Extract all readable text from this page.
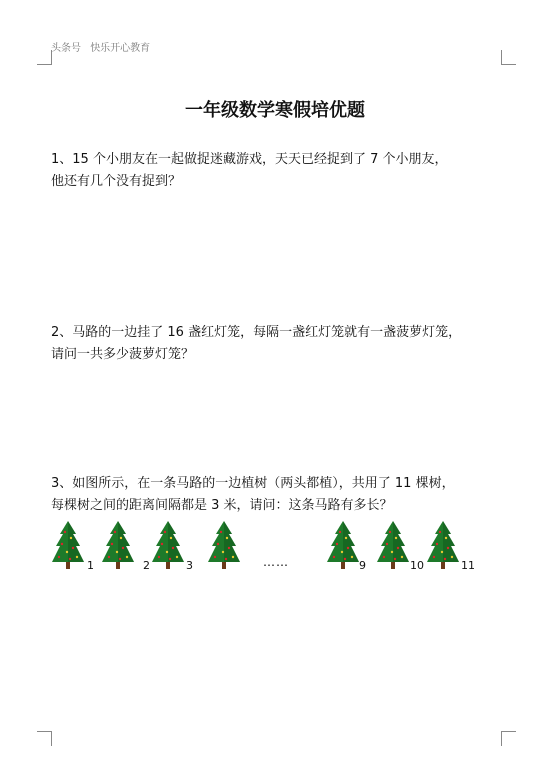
头条号 快乐开心教育
一年级数学寒假培优题
1、15 个小朋友在一起做捉迷藏游戏，天天已经捉到了 7 个小朋友，
他还有几个没有捉到？
2、马路的一边挂了 16 盏红灯笼，每隔一盏红灯笼就有一盏菠萝灯笼，
请问一共多少菠萝灯笼？
3、如图所示，在一条马路的一边植树（两头都植），共用了 11 棵树，
每棵树之间的距离间隔都是 3 米，请问：这条马路有多长？
1	2	3	……	9	10	11
